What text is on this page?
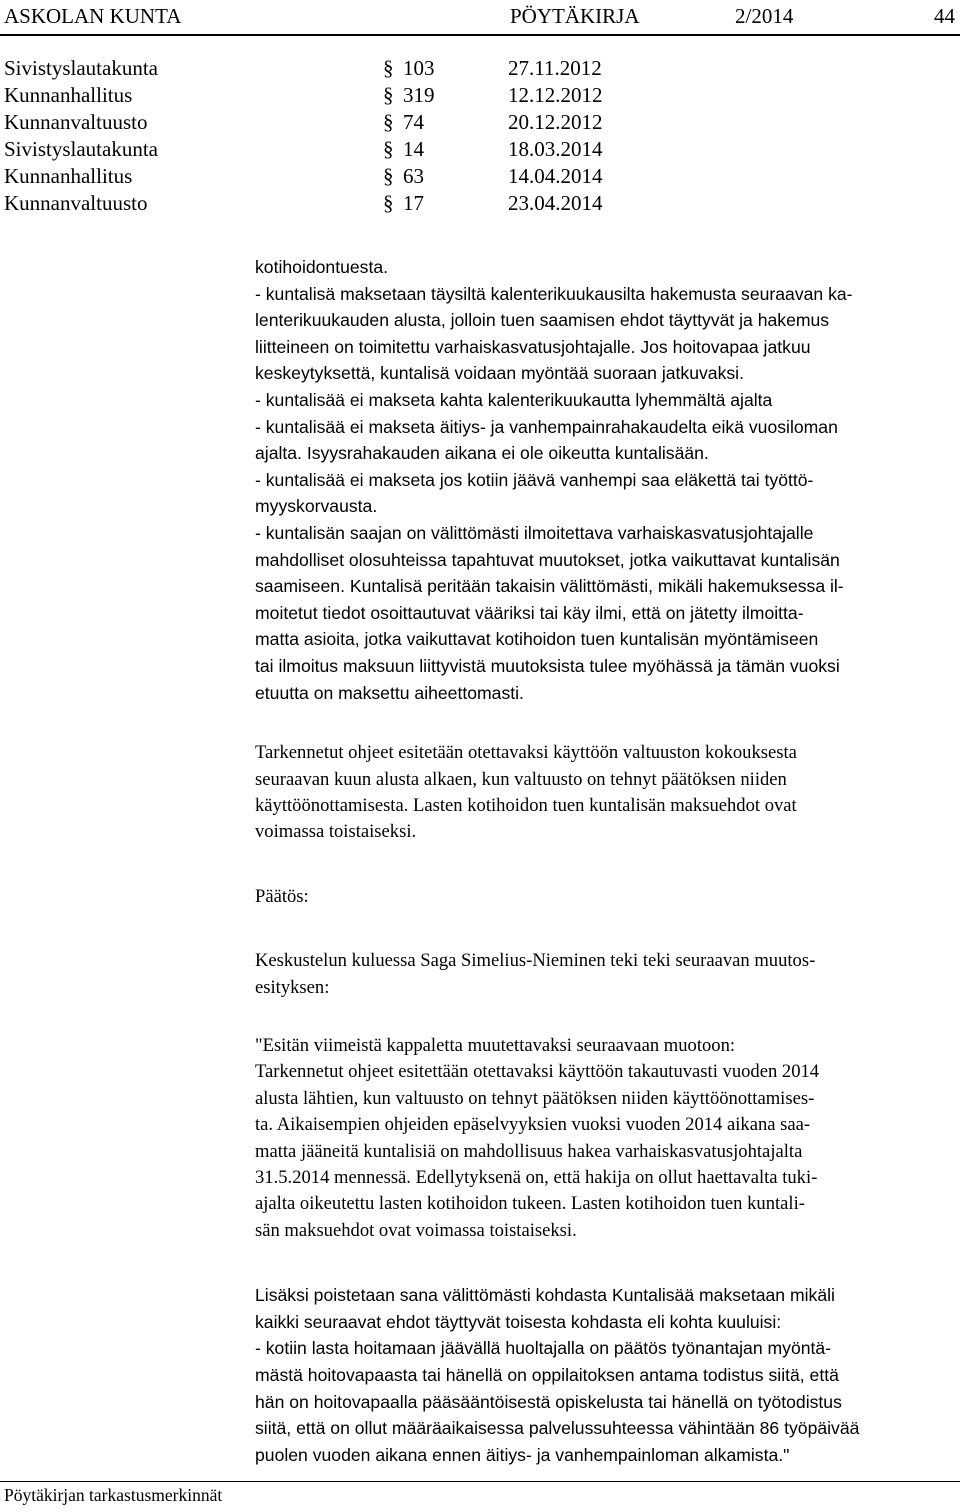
ASKOLAN KUNTA	PÖYTÄKIRJA	2/2014	44
Sivistyslautakunta	§ 103	27.11.2012
Kunnanhallitus	§ 319	12.12.2012
Kunnanvaltuusto	§ 74	20.12.2012
Sivistyslautakunta	§ 14	18.03.2014
Kunnanhallitus	§ 63	14.04.2014
Kunnanvaltuusto	§ 17	23.04.2014
kotihoidontuesta.
- kuntalisä maksetaan täysiltä kalenterikuukausilta hakemusta seuraavan ka-
lenterikuukauden alusta, jolloin tuen saamisen ehdot täyttyvät ja hakemus
liitteineen on toimitettu varhaiskasvatusjohtajalle. Jos hoitovapaa jatkuu
keskeytyksettä, kuntalisä voidaan myöntää suoraan jatkuvaksi.
- kuntalisää ei makseta kahta kalenterikuukautta lyhemmältä ajalta
- kuntalisää ei makseta äitiys- ja vanhempainrahakaudelta eikä vuosiloman
ajalta. Isyysrahakauden aikana ei ole oikeutta kuntalisään.
- kuntalisää ei makseta jos kotiin jäävä vanhempi saa eläkettä tai työttö-
myyskorvausta.
- kuntalisän saajan on välittömästi ilmoitettava varhaiskasvatusjohtajalle
mahdolliset olosuhteissa tapahtuvat muutokset, jotka vaikuttavat kuntalisän
saamiseen. Kuntalisä peritään takaisin välittömästi, mikäli hakemuksessa il-
moitetut tiedot osoittautuvat vääriksi tai käy ilmi, että on jätetty ilmoitta-
matta asioita, jotka vaikuttavat kotihoidon tuen kuntalisän myöntämiseen
tai ilmoitus maksuun liittyvistä muutoksista tulee myöhässä ja tämän vuoksi
etuutta on maksettu aiheettomasti.
Tarkennetut ohjeet esitetään otettavaksi käyttöön valtuuston kokouksesta
seuraavan kuun alusta alkaen, kun valtuusto on tehnyt päätöksen niiden
käyttöönottamisesta. Lasten kotihoidon tuen kuntalisän maksuehdot ovat
voimassa toistaiseksi.
Päätös:
Keskustelun kuluessa Saga Simelius-Nieminen teki teki seuraavan muutos-
esityksen:
"Esitän viimeistä kappaletta muutettavaksi seuraavaan muotoon:
Tarkennetut ohjeet esitettään otettavaksi käyttöön takautuvasti vuoden 2014
alusta lähtien, kun valtuusto on tehnyt päätöksen niiden käyttöönottamises-
ta. Aikaisempien ohjeiden epäselvyyksien vuoksi vuoden 2014 aikana saa-
matta jääneitä kuntalisiä on mahdollisuus hakea varhaiskasvatusjohtajalta
31.5.2014 mennessä. Edellytyksenä on, että hakija on ollut haettavalta tuki-
ajalta oikeutettu lasten kotihoidon tukeen. Lasten kotihoidon tuen kuntali-
sän maksuehdot ovat voimassa toistaiseksi.
Lisäksi poistetaan sana välittömästi kohdasta Kuntalisää maksetaan mikäli
kaikki seuraavat ehdot täyttyvät toisesta kohdasta eli kohta kuuluisi:
- kotiin lasta hoitamaan jäävällä huoltajalla on päätös työnantajan myöntä-
mästä hoitovapaasta tai hänellä on oppilaitoksen antama todistus siitä, että
hän on hoitovapaalla pääsääntöisestä opiskelusta tai hänellä on työtodistus
siitä, että on ollut määräaikaisessa palvelussuhteessa vähintään 86 työpäivää
puolen vuoden aikana ennen äitiys- ja vanhempainloman alkamista."
Pöytäkirjan tarkastusmerkinnät
